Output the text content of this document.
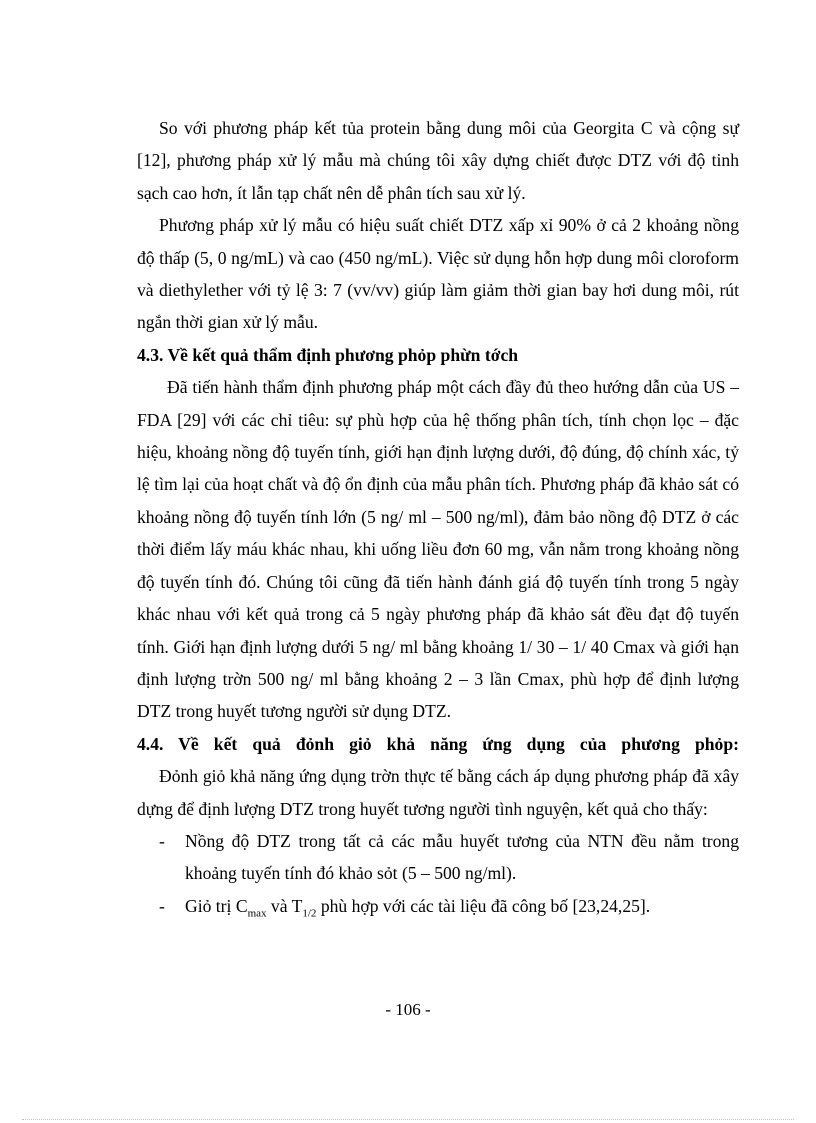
So với phương pháp kết tủa protein bằng dung môi của Georgita C và cộng sự [12], phương pháp xử lý mẫu mà chúng tôi xây dựng chiết được DTZ với độ tinh sạch cao hơn, ít lẫn tạp chất nên dễ phân tích sau xử lý.

Phương pháp xử lý mẫu có hiệu suất chiết DTZ xấp xỉ 90% ở cả 2 khoảng nồng độ thấp (5, 0 ng/mL) và cao (450 ng/mL). Việc sử dụng hỗn hợp dung môi cloroform và diethylether với tỷ lệ 3: 7 (vv/vv) giúp làm giảm thời gian bay hơi dung môi, rút ngắn thời gian xử lý mẫu.

4.3. Về kết quả thẩm định phương phỏp phừn tớch

Đã tiến hành thẩm định phương pháp một cách đầy đủ theo hướng dẫn của US – FDA [29] với các chỉ tiêu: sự phù hợp của hệ thống phân tích, tính chọn lọc – đặc hiệu, khoảng nồng độ tuyến tính, giới hạn định lượng dưới, độ đúng, độ chính xác, tỷ lệ tìm lại của hoạt chất và độ ổn định của mẫu phân tích. Phương pháp đã khảo sát có khoảng nồng độ tuyến tính lớn (5 ng/ ml – 500 ng/ml), đảm bảo nồng độ DTZ ở các thời điểm lấy máu khác nhau, khi uống liều đơn 60 mg, vẫn nằm trong khoảng nồng độ tuyến tính đó. Chúng tôi cũng đã tiến hành đánh giá độ tuyến tính trong 5 ngày khác nhau với kết quả trong cả 5 ngày phương pháp đã khảo sát đều đạt độ tuyến tính. Giới hạn định lượng dưới 5 ng/ ml bằng khoảng 1/ 30 – 1/ 40 Cmax và giới hạn định lượng trờn 500 ng/ ml bằng khoảng 2 – 3 lần Cmax, phù hợp để định lượng DTZ trong huyết tương người sử dụng DTZ.

4.4. Về kết quả đỏnh giỏ khả năng ứng dụng của phương phỏp:

Đỏnh giỏ khả năng ứng dụng trờn thực tế bằng cách áp dụng phương pháp đã xây dựng để định lượng DTZ trong huyết tương người tình nguyện, kết quả cho thấy:

- Nồng độ DTZ trong tất cả các mẫu huyết tương của NTN đều nằm trong khoảng tuyến tính đó khảo sỏt (5 – 500 ng/ml).
- Giỏ trị $C_{max}$ và $T_{1/2}$ phù hợp với các tài liệu đã công bố [23,24,25].
- 106 -
